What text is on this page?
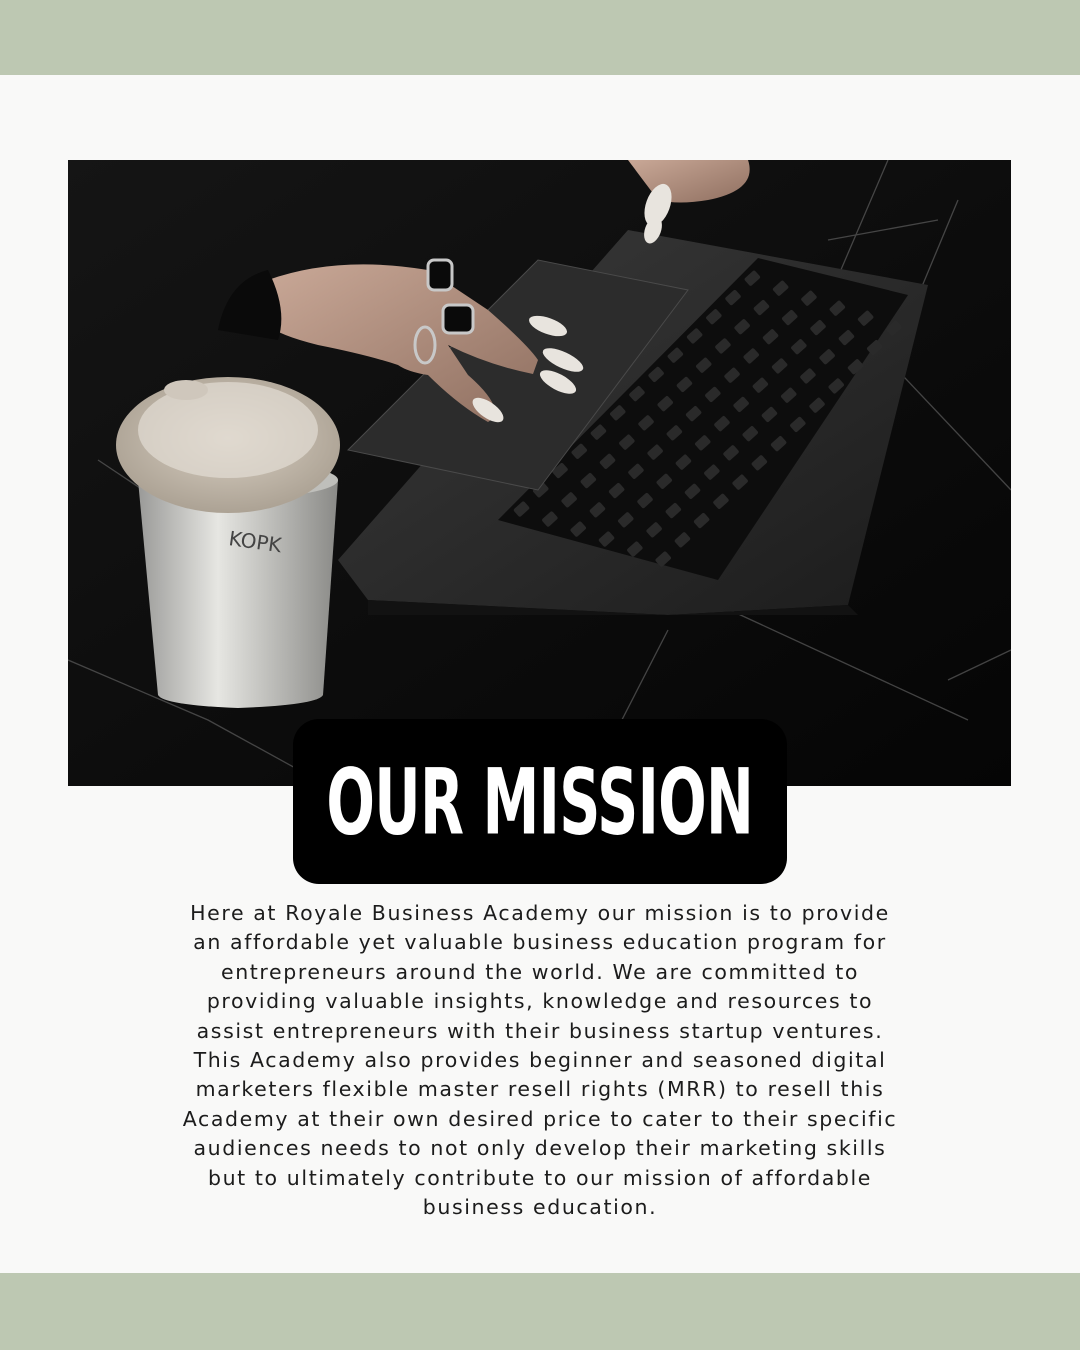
KOPK
OUR MISSION

Here at Royale Business Academy our mission is to provide an affordable yet valuable business education program for entrepreneurs around the world. We are committed to providing valuable insights, knowledge and resources to assist entrepreneurs with their business startup ventures. This Academy also provides beginner and seasoned digital marketers flexible master resell rights (MRR) to resell this Academy at their own desired price to cater to their specific audiences needs to not only develop their marketing skills but to ultimately contribute to our mission of affordable business education.
